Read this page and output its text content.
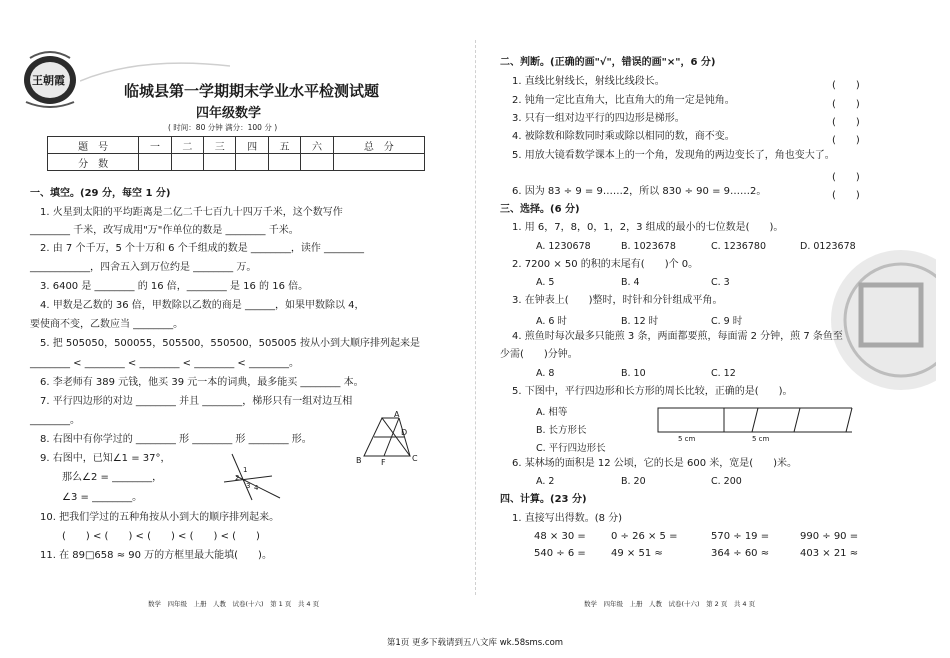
王朝霞
临城县第一学期期末学业水平检测试题
四年级数学
( 时间：80 分钟 满分：100 分 )
题　号	一	二	三	四	五	六	总　分
分　数							
一、填空。(29 分，每空 1 分)
1. 火星到太阳的平均距离是二亿二千七百九十四万千米，这个数写作
________ 千米，改写成用"万"作单位的数是 ________ 千米。
2. 由 7 个千万，5 个十万和 6 个千组成的数是 ________，读作 ________
____________，四舍五入到万位约是 ________ 万。
3. 6400 是 ________ 的 16 倍，________ 是 16 的 16 倍。
4. 甲数是乙数的 36 倍，甲数除以乙数的商是 ______，如果甲数除以 4，
要使商不变，乙数应当 ________。
5. 把 505050，500055，505500，550500，505005 按从小到大顺序排列起来是
________ < ________ < ________ < ________ < ________。
6. 李老师有 389 元钱，他买 39 元一本的词典，最多能买 ________ 本。
7. 平行四边形的对边 ________ 并且 ________，梯形只有一组对边互相
________。
8. 右图中有你学过的 ________ 形 ________ 形 ________ 形。
9. 右图中，已知∠1 = 37°，
那么∠2 = ________，
∠3 = ________。
10. 把我们学过的五种角按从小到大的顺序排列起来。
(　　) < (　　) < (　　) < (　　) < (　　)
11. 在 89□658 ≈ 90 万的方框里最大能填(　　)。
A
D
B F	C
1
2
3 4
数学　四年级　上册　人教　试卷(十六)　第 1 页　共 4 页
二、判断。(正确的画"√"，错误的画"×"，6 分)
1. 直线比射线长，射线比线段长。	(　　)
2. 钝角一定比直角大，比直角大的角一定是钝角。	(　　)
3. 只有一组对边平行的四边形是梯形。	(　　)
4. 被除数和除数同时乘或除以相同的数，商不变。	(　　)
5. 用放大镜看数学课本上的一个角，发现角的两边变长了，角也变大了。
(　　)
6. 因为 83 ÷ 9 = 9……2，所以 830 ÷ 90 = 9……2。	(　　)
三、选择。(6 分)
1. 用 6，7，8，0，1，2，3 组成的最小的七位数是(　　)。
A. 1230678	B. 1023678	C. 1236780	D. 0123678
2. 7200 × 50 的积的末尾有(　　)个 0。
A. 5	B. 4	C. 3
3. 在钟表上(　　)整时，时针和分针组成平角。
A. 6 时	B. 12 时	C. 9 时
4. 煎鱼时每次最多只能煎 3 条，两面都要煎，每面需 2 分钟，煎 7 条鱼至
少需(　　)分钟。
A. 8	B. 10	C. 12
5. 下图中，平行四边形和长方形的周长比较，正确的是(　　)。
A. 相等
B. 长方形长
C. 平行四边形长
5 cm	5 cm
6. 某林场的面积是 12 公顷，它的长是 600 米，宽是(　　)米。
A. 2	B. 20	C. 200
四、计算。(23 分)
1. 直接写出得数。(8 分)
48 × 30 =	0 ÷ 26 × 5 =	570 ÷ 19 =	990 ÷ 90 =
540 ÷ 6 =	49 × 51 ≈	364 ÷ 60 ≈	403 × 21 ≈
数学　四年级　上册　人教　试卷(十六)　第 2 页　共 4 页
第1页 更多下载请到五八文库 wk.58sms.com
